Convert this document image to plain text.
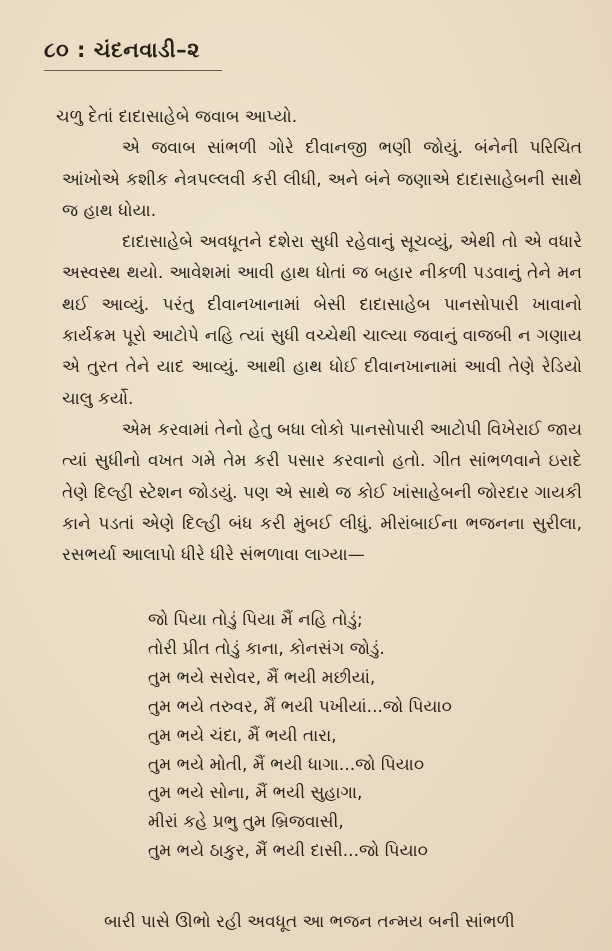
૮૦ : ચંદનવાડી–૨

ચળુ દેતાં દાદાસાહેબે જવાબ આપ્યો.

એ જવાબ સાંભળી ગોરે દીવાનજી ભણી જોયું. બંનેની પરિચિત આંખોએ કશીક નેત્રપલ્લવી કરી લીધી, અને બંને જણાએ દાદાસાહેબની સાથે જ હાથ ધોયા.

દાદાસાહેબે અવધૂતને દશેરા સુધી રહેવાનું સૂચવ્યું, એથી તો એ વધારે અસ્વસ્થ થયો. આવેશમાં આવી હાથ ધોતાં જ બહાર નીકળી પડવાનું તેને મન થઈ આવ્યું. પરંતુ દીવાનખાનામાં બેસી દાદાસાહેબ પાનસોપારી ખાવાનો કાર્યક્રમ પૂરો આટોપે નહિ ત્યાં સુધી વચ્ચેથી ચાલ્યા જવાનું વાજબી ન ગણાય એ તુરત તેને યાદ આવ્યું. આથી હાથ ધોઈ દીવાનખાનામાં આવી તેણે રેડિયો ચાલુ કર્યો.

એમ કરવામાં તેનો હેતુ બધા લોકો પાનસોપારી આટોપી વિખેરાઈ જાય ત્યાં સુધીનો વખત ગમે તેમ કરી પસાર કરવાનો હતો. ગીત સાંભળવાને ઇરાદે તેણે દિલ્હી સ્ટેશન જોડયું. પણ એ સાથે જ કોઈ ખાંસાહેબની જોરદાર ગાયકી કાને પડતાં એણે દિલ્હી બંધ કરી મુંબઈ લીધું. મીરાંબાઈના ભજનના સુરીલા, રસભર્યા આલાપો ધીરે ધીરે સંભળાવા લાગ્યા—

જો પિયા તોડું પિયા મૈં નહિ તોડું;
તોરી પ્રીત તોડું કાના, કોનસંગ જોડું.
તુમ ભયે સરોવર, મૈં ભયી મછીયાં,
તુમ ભયે તરુવર, મૈં ભયી પખીયાં...જો પિયા૦
તુમ ભયે ચંદા, મૈં ભયી તારા,
તુમ ભયે મોતી, મૈં ભયી ધાગા...જો પિયા૦
તુમ ભયે સોના, મૈં ભયી સુહાગા,
મીરાં કહે પ્રભુ તુમ બ્રિજવાસી,
તુમ ભયે ઠાકુર, મૈં ભયી દાસી...જો પિયા૦
બારી પાસે ઊભો રહી અવધૂત આ ભજન તન્મય બની સાંભળી
